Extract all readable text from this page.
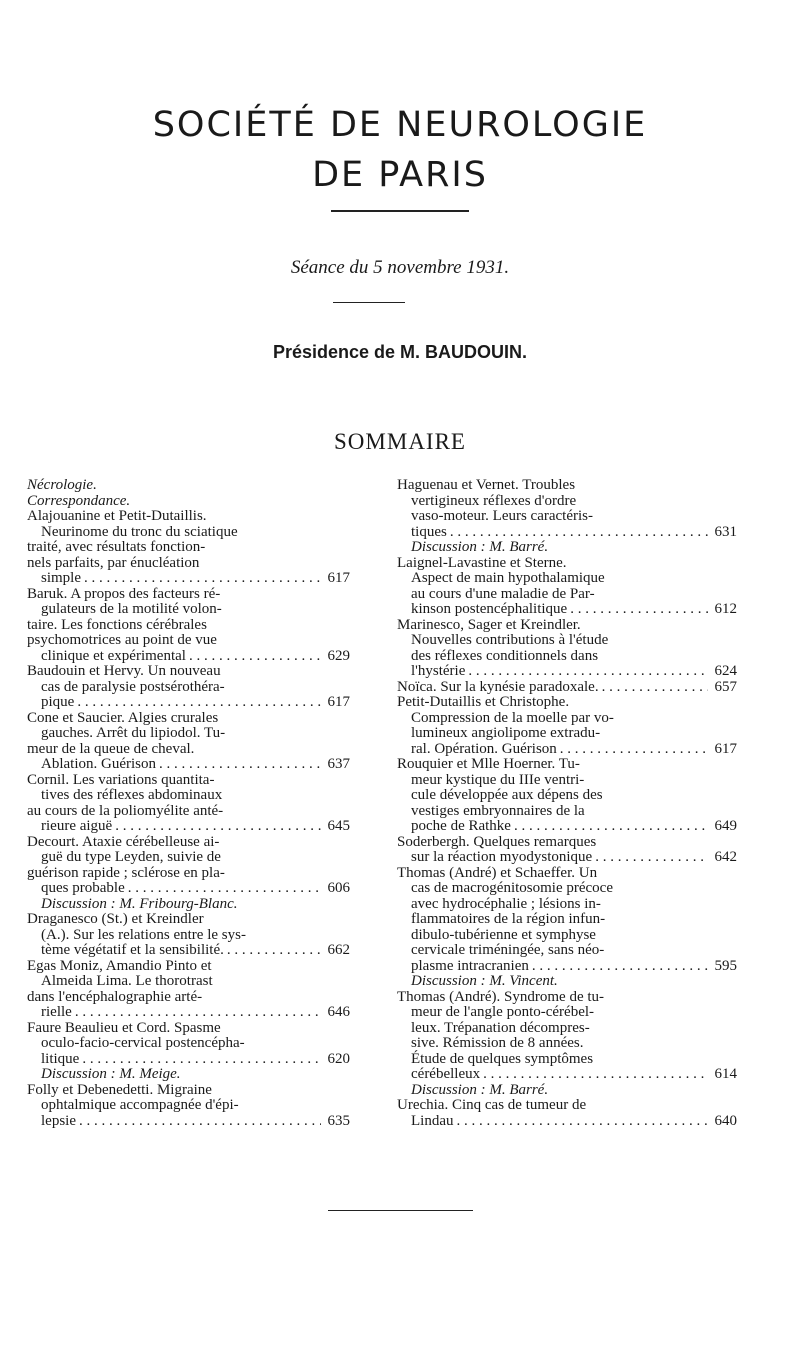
SOCIÉTÉ DE NEUROLOGIE
DE PARIS
Séance du 5 novembre 1931.
Présidence de M. BAUDOUIN.
SOMMAIRE
Nécrologie.
Correspondance.
Alajouanine et Petit-Dutaillis.
Neurinome du tronc du sciatique
traité, avec résultats fonction-
nels parfaits, par énucléation
simple . . .	617
Baruk. A propos des facteurs ré-
gulateurs de la motilité volon-
taire. Les fonctions cérébrales
psychomotrices au point de vue
clinique et expérimental . . .	629
Baudouin et Hervy. Un nouveau
cas de paralysie postsérothéra-
pique . . .	617
Cone et Saucier. Algies crurales
gauches. Arrêt du lipiodol. Tu-
meur de la queue de cheval.
Ablation. Guérison . . .	637
Cornil. Les variations quantita-
tives des réflexes abdominaux
au cours de la poliomyélite anté-
rieure aiguë . . .	645
Decourt. Ataxie cérébelleuse ai-
guë du type Leyden, suivie de
guérison rapide ; sclérose en pla-
ques probable . . .	606
Discussion : M. Fribourg-Blanc.
Draganesco (St.) et Kreindler
(A.). Sur les relations entre le sys-
tème végétatif et la sensibilité. . . .	662
Egas Moniz, Amandio Pinto et
Almeida Lima. Le thorotrast
dans l'encéphalographie arté-
rielle . . .	646
Faure Beaulieu et Cord. Spasme
oculo-facio-cervical postencépha-
litique . . .	620
Discussion : M. Meige.
Folly et Debenedetti. Migraine
ophtalmique accompagnée d'épi-
lepsie . . .	635
Haguenau et Vernet. Troubles
vertigineux réflexes d'ordre
vaso-moteur. Leurs caractéris-
tiques . . .	631
Discussion : M. Barré.
Laignel-Lavastine et Sterne.
Aspect de main hypothalamique
au cours d'une maladie de Par-
kinson postencéphalitique . . .	612
Marinesco, Sager et Kreindler.
Nouvelles contributions à l'étude
des réflexes conditionnels dans
l'hystérie . . .	624
Noïca. Sur la kynésie paradoxale. . . .	657
Petit-Dutaillis et Christophe.
Compression de la moelle par vo-
lumineux angiolipome extradu-
ral. Opération. Guérison . . .	617
Rouquier et Mlle Hoerner. Tu-
meur kystique du IIIe ventri-
cule développée aux dépens des
vestiges embryonnaires de la
poche de Rathke . . .	649
Soderbergh. Quelques remarques
sur la réaction myodystonique . . .	642
Thomas (André) et Schaeffer. Un
cas de macrogénitosomie précoce
avec hydrocéphalie ; lésions in-
flammatoires de la région infun-
dibulo-tubérienne et symphyse
cervicale triméningée, sans néo-
plasme intracranien . . .	595
Discussion : M. Vincent.
Thomas (André). Syndrome de tu-
meur de l'angle ponto-cérébel-
leux. Trépanation décompres-
sive. Rémission de 8 années.
Étude de quelques symptômes
cérébelleux . . .	614
Discussion : M. Barré.
Urechia. Cinq cas de tumeur de
Lindau . . .	640
